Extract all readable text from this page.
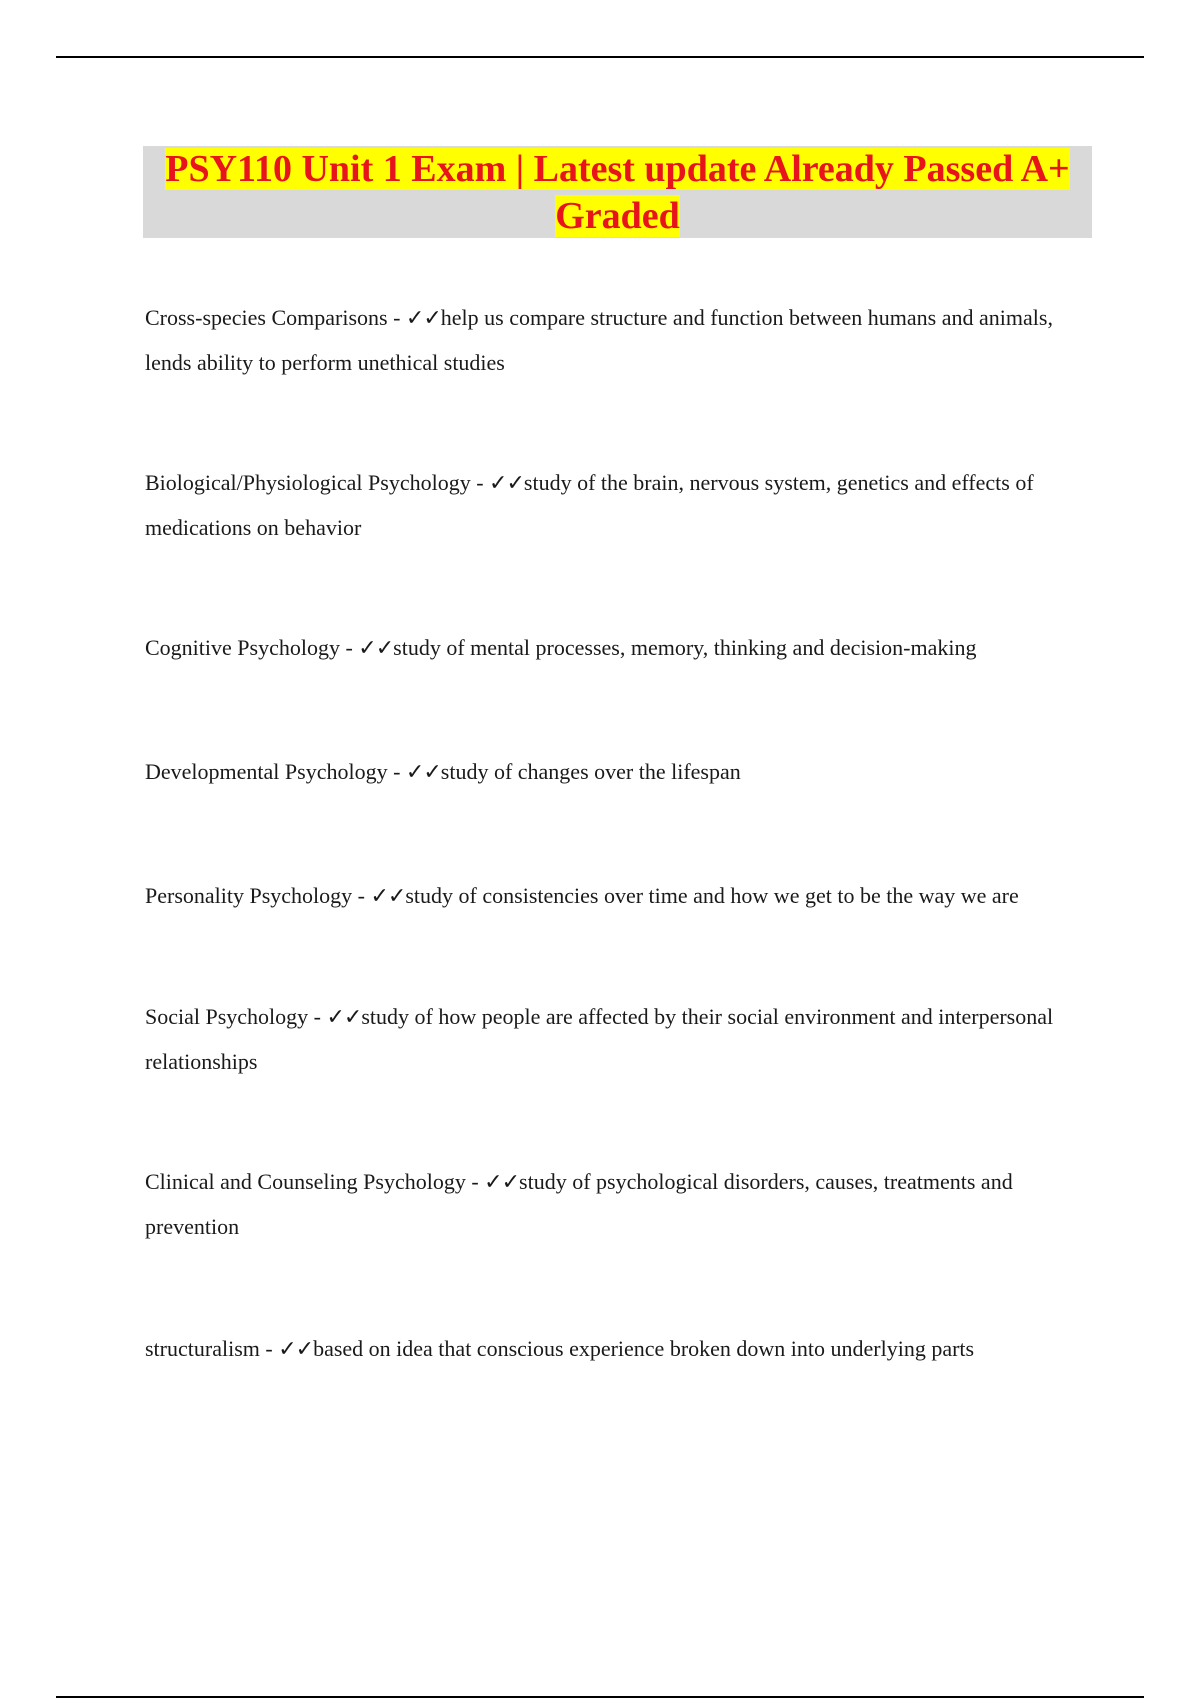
PSY110 Unit 1 Exam | Latest update Already Passed A+ Graded

Cross-species Comparisons - ✓✓help us compare structure and function between humans and animals, lends ability to perform unethical studies

Biological/Physiological Psychology - ✓✓study of the brain, nervous system, genetics and effects of medications on behavior

Cognitive Psychology - ✓✓study of mental processes, memory, thinking and decision-making

Developmental Psychology - ✓✓study of changes over the lifespan

Personality Psychology - ✓✓study of consistencies over time and how we get to be the way we are

Social Psychology - ✓✓study of how people are affected by their social environment and interpersonal relationships

Clinical and Counseling Psychology - ✓✓study of psychological disorders, causes, treatments and prevention

structuralism - ✓✓based on idea that conscious experience broken down into underlying parts
